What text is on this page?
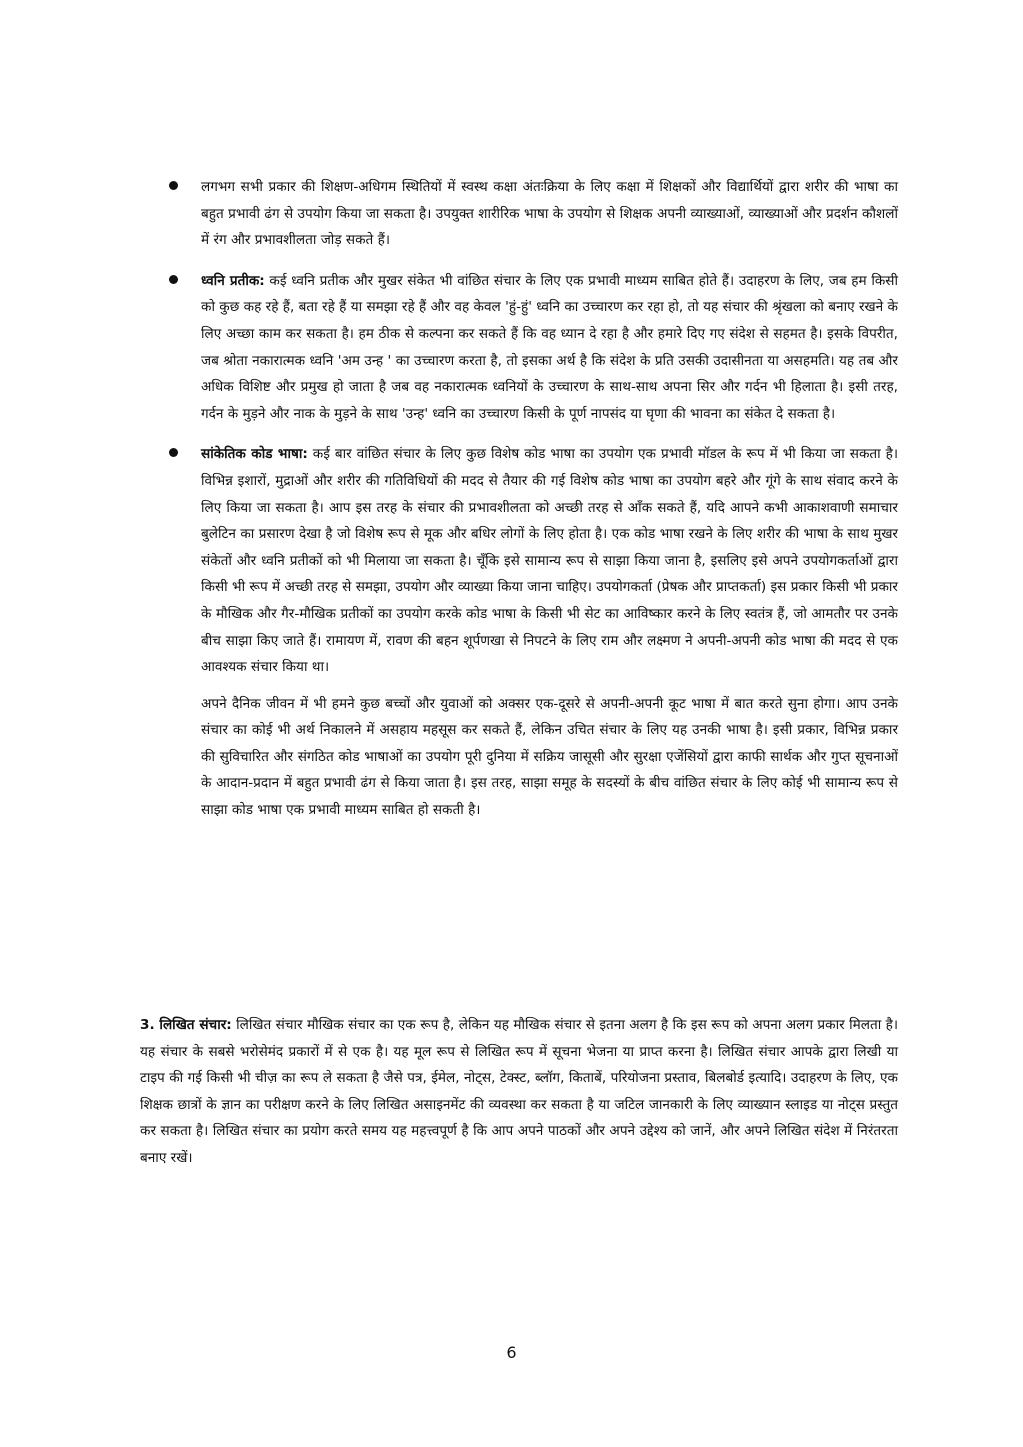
लगभग सभी प्रकार की शिक्षण-अधिगम स्थितियों में स्वस्थ कक्षा अंतःक्रिया के लिए कक्षा में शिक्षकों और विद्यार्थियों द्वारा शरीर की भाषा का बहुत प्रभावी ढंग से उपयोग किया जा सकता है। उपयुक्त शारीरिक भाषा के उपयोग से शिक्षक अपनी व्याख्याओं, व्याख्याओं और प्रदर्शन कौशलों में रंग और प्रभावशीलता जोड़ सकते हैं।

ध्वनि प्रतीक: कई ध्वनि प्रतीक और मुखर संकेत भी वांछित संचार के लिए एक प्रभावी माध्यम साबित होते हैं। उदाहरण के लिए, जब हम किसी को कुछ कह रहे हैं, बता रहे हैं या समझा रहे हैं और वह केवल 'हुं-हुं' ध्वनि का उच्चारण कर रहा हो, तो यह संचार की श्रृंखला को बनाए रखने के लिए अच्छा काम कर सकता है। हम ठीक से कल्पना कर सकते हैं कि वह ध्यान दे रहा है और हमारे दिए गए संदेश से सहमत है। इसके विपरीत, जब श्रोता नकारात्मक ध्वनि 'अम उन्ह ' का उच्चारण करता है, तो इसका अर्थ है कि संदेश के प्रति उसकी उदासीनता या असहमति। यह तब और अधिक विशिष्ट और प्रमुख हो जाता है जब वह नकारात्मक ध्वनियों के उच्चारण के साथ-साथ अपना सिर और गर्दन भी हिलाता है। इसी तरह, गर्दन के मुड़ने और नाक के मुड़ने के साथ 'उन्ह' ध्वनि का उच्चारण किसी के पूर्ण नापसंद या घृणा की भावना का संकेत दे सकता है।

सांकेतिक कोड भाषा: कई बार वांछित संचार के लिए कुछ विशेष कोड भाषा का उपयोग एक प्रभावी मॉडल के रूप में भी किया जा सकता है। विभिन्न इशारों, मुद्राओं और शरीर की गतिविधियों की मदद से तैयार की गई विशेष कोड भाषा का उपयोग बहरे और गूंगे के साथ संवाद करने के लिए किया जा सकता है। आप इस तरह के संचार की प्रभावशीलता को अच्छी तरह से आँक सकते हैं, यदि आपने कभी आकाशवाणी समाचार बुलेटिन का प्रसारण देखा है जो विशेष रूप से मूक और बधिर लोगों के लिए होता है। एक कोड भाषा रखने के लिए शरीर की भाषा के साथ मुखर संकेतों और ध्वनि प्रतीकों को भी मिलाया जा सकता है। चूँकि इसे सामान्य रूप से साझा किया जाना है, इसलिए इसे अपने उपयोगकर्ताओं द्वारा किसी भी रूप में अच्छी तरह से समझा, उपयोग और व्याख्या किया जाना चाहिए। उपयोगकर्ता (प्रेषक और प्राप्तकर्ता) इस प्रकार किसी भी प्रकार के मौखिक और गैर-मौखिक प्रतीकों का उपयोग करके कोड भाषा के किसी भी सेट का आविष्कार करने के लिए स्वतंत्र हैं, जो आमतौर पर उनके बीच साझा किए जाते हैं। रामायण में, रावण की बहन शूर्पणखा से निपटने के लिए राम और लक्ष्मण ने अपनी-अपनी कोड भाषा की मदद से एक आवश्यक संचार किया था।

अपने दैनिक जीवन में भी हमने कुछ बच्चों और युवाओं को अक्सर एक-दूसरे से अपनी-अपनी कूट भाषा में बात करते सुना होगा। आप उनके संचार का कोई भी अर्थ निकालने में असहाय महसूस कर सकते हैं, लेकिन उचित संचार के लिए यह उनकी भाषा है। इसी प्रकार, विभिन्न प्रकार की सुविचारित और संगठित कोड भाषाओं का उपयोग पूरी दुनिया में सक्रिय जासूसी और सुरक्षा एजेंसियों द्वारा काफी सार्थक और गुप्त सूचनाओं के आदान-प्रदान में बहुत प्रभावी ढंग से किया जाता है। इस तरह, साझा समूह के सदस्यों के बीच वांछित संचार के लिए कोई भी सामान्य रूप से साझा कोड भाषा एक प्रभावी माध्यम साबित हो सकती है।

3. लिखित संचार: लिखित संचार मौखिक संचार का एक रूप है, लेकिन यह मौखिक संचार से इतना अलग है कि इस रूप को अपना अलग प्रकार मिलता है। यह संचार के सबसे भरोसेमंद प्रकारों में से एक है। यह मूल रूप से लिखित रूप में सूचना भेजना या प्राप्त करना है। लिखित संचार आपके द्वारा लिखी या टाइप की गई किसी भी चीज़ का रूप ले सकता है जैसे पत्र, ईमेल, नोट्स, टेक्स्ट, ब्लॉग, किताबें, परियोजना प्रस्ताव, बिलबोर्ड इत्यादि। उदाहरण के लिए, एक शिक्षक छात्रों के ज्ञान का परीक्षण करने के लिए लिखित असाइनमेंट की व्यवस्था कर सकता है या जटिल जानकारी के लिए व्याख्यान स्लाइड या नोट्स प्रस्तुत कर सकता है। लिखित संचार का प्रयोग करते समय यह महत्त्वपूर्ण है कि आप अपने पाठकों और अपने उद्देश्य को जानें, और अपने लिखित संदेश में निरंतरता बनाए रखें।

6
